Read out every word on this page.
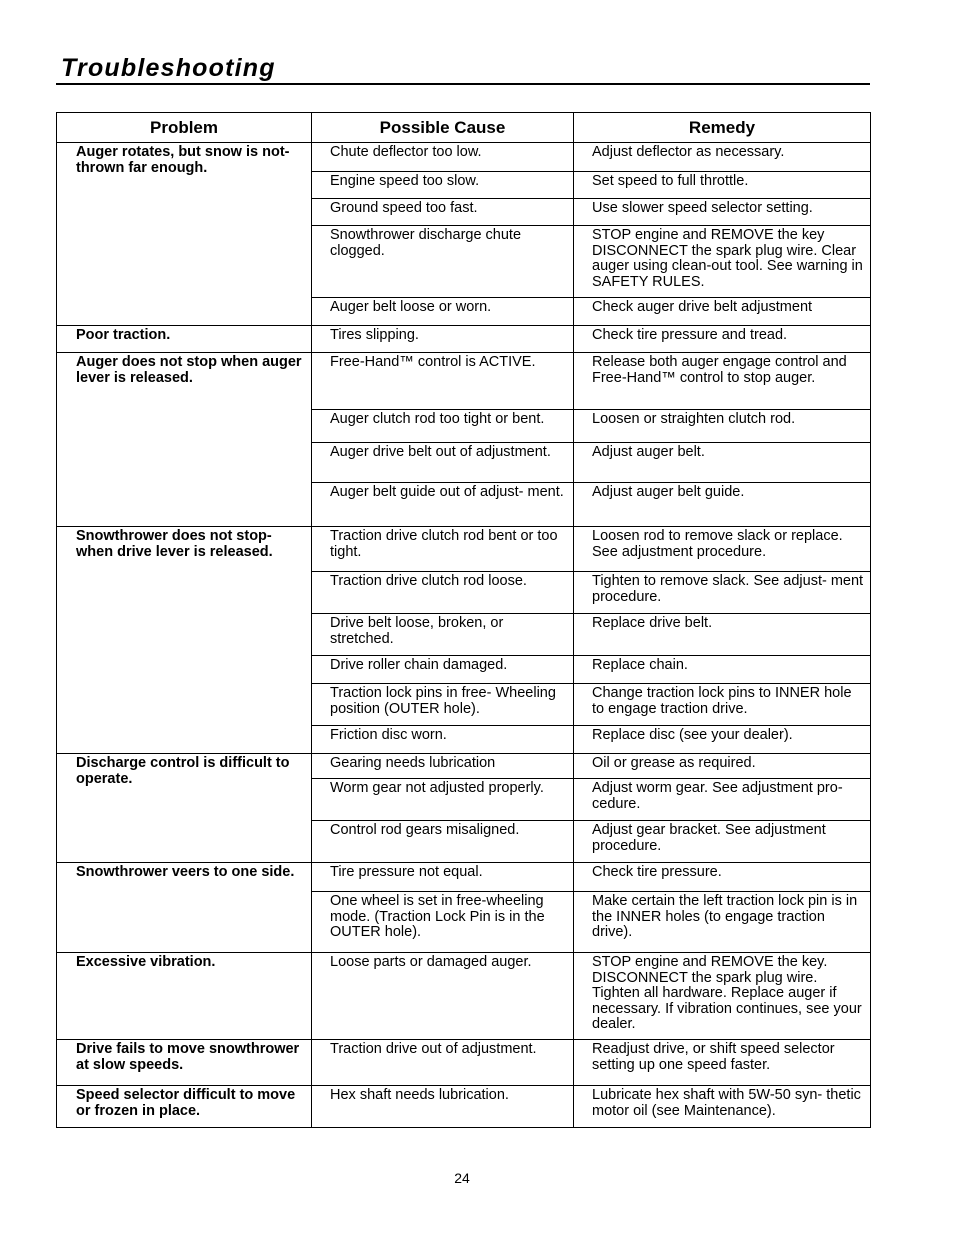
Troubleshooting
Problem	Possible Cause	Remedy
Auger rotates, but snow is not- thrown far enough.	Chute deflector too low.	Adjust deflector as necessary.
	Engine speed too slow.	Set speed to full throttle.
	Ground speed too fast.	Use slower speed selector setting.
	Snowthrower discharge chute clogged.	STOP engine and REMOVE the key DISCONNECT the spark plug wire. Clear auger using clean-out tool. See warning in SAFETY RULES.
	Auger belt loose or worn.	Check auger drive belt adjustment
Poor traction.	Tires slipping.	Check tire pressure and tread.
Auger does not stop when auger lever is released.	Free-Hand™ control is ACTIVE.	Release both auger engage control and Free-Hand™ control to stop auger.
	Auger clutch rod too tight or bent.	Loosen or straighten clutch rod.
	Auger drive belt out of adjustment.	Adjust auger belt.
	Auger belt guide out of adjust- ment.	Adjust auger belt guide.
Snowthrower does not stop- when drive lever is released.	Traction drive clutch rod bent or too tight.	Loosen rod to remove slack or replace. See adjustment procedure.
	Traction drive clutch rod loose.	Tighten to remove slack. See adjust- ment procedure.
	Drive belt loose, broken, or stretched.	Replace drive belt.
	Drive roller chain damaged.	Replace chain.
	Traction lock pins in free- Wheeling position (OUTER hole).	Change traction lock pins to INNER hole to engage traction drive.
	Friction disc worn.	Replace disc (see your dealer).
Discharge control is difficult to operate.	Gearing needs lubrication	Oil or grease as required.
	Worm gear not adjusted properly.	Adjust worm gear. See adjustment pro- cedure.
	Control rod gears misaligned.	Adjust gear bracket. See adjustment procedure.
Snowthrower veers to one side.	Tire pressure not equal.	Check tire pressure.
	One wheel is set in free-wheeling mode. (Traction Lock Pin is in the OUTER hole).	Make certain the left traction lock pin is in the INNER holes (to engage traction drive).
Excessive vibration.	Loose parts or damaged auger.	STOP engine and REMOVE the key. DISCONNECT the spark plug wire. Tighten all hardware. Replace auger if necessary. If vibration continues, see your dealer.
Drive fails to move snowthrower at slow speeds.	Traction drive out of adjustment.	Readjust drive, or shift speed selector setting up one speed faster.
Speed selector difficult to move or frozen in place.	Hex shaft needs lubrication.	Lubricate hex shaft with 5W-50 syn- thetic motor oil (see Maintenance).
24
